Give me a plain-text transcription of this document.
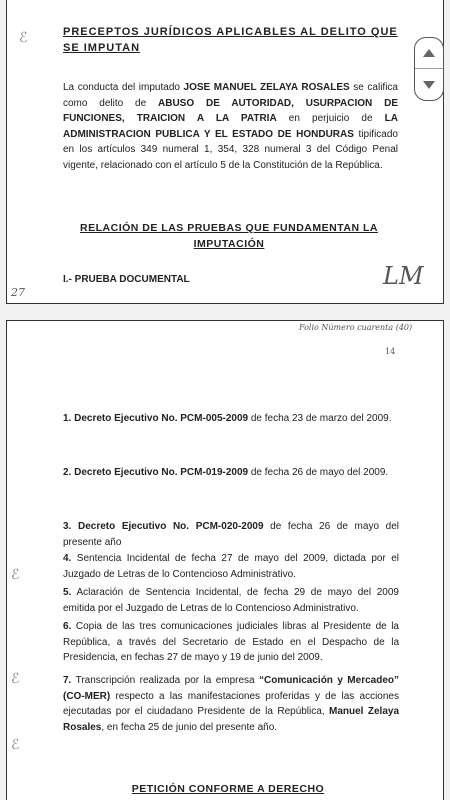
PRECEPTOS JURÍDICOS APLICABLES AL DELITO QUE SE IMPUTAN
La conducta del imputado JOSE MANUEL ZELAYA ROSALES se califica como delito de ABUSO DE AUTORIDAD, USURPACION DE FUNCIONES, TRAICION A LA PATRIA en perjuicio de LA ADMINISTRACION PUBLICA Y EL ESTADO DE HONDURAS tipificado en los artículos 349 numeral 1, 354, 328 numeral 3 del Código Penal vigente, relacionado con el artículo 5 de la Constitución de la República.
RELACIÓN DE LAS PRUEBAS QUE FUNDAMENTAN LA IMPUTACIÓN
I.- PRUEBA DOCUMENTAL
27
LM
ℰ
Folio Número cuarenta (40)
14
1. Decreto Ejecutivo No. PCM-005-2009 de fecha 23 de marzo del 2009.
2. Decreto Ejecutivo No. PCM-019-2009 de fecha 26 de mayo del 2009.
3. Decreto Ejecutivo No. PCM-020-2009 de fecha 26 de mayo del presente año
4. Sentencia Incidental de fecha 27 de mayo del 2009, dictada por el Juzgado de Letras de lo Contencioso Administrativo.
5. Aclaración de Sentencia Incidental, de fecha 29 de mayo del 2009 emitida por el Juzgado de Letras de lo Contencioso Administrativo.
6. Copia de las tres comunicaciones judiciales libras al Presidente de la República, a través del Secretario de Estado en el Despacho de la Presidencia, en fechas 27 de mayo y 19 de junio del 2009.
7. Transcripción realizada por la empresa “Comunicación y Mercadeo” (CO-MER) respecto a las manifestaciones proferidas y de las acciones ejecutadas por el ciudadano Presidente de la República, Manuel Zelaya Rosales, en fecha 25 de junio del presente año.
PETICIÓN CONFORME A DERECHO
ℰ
ℰ
ℰ
